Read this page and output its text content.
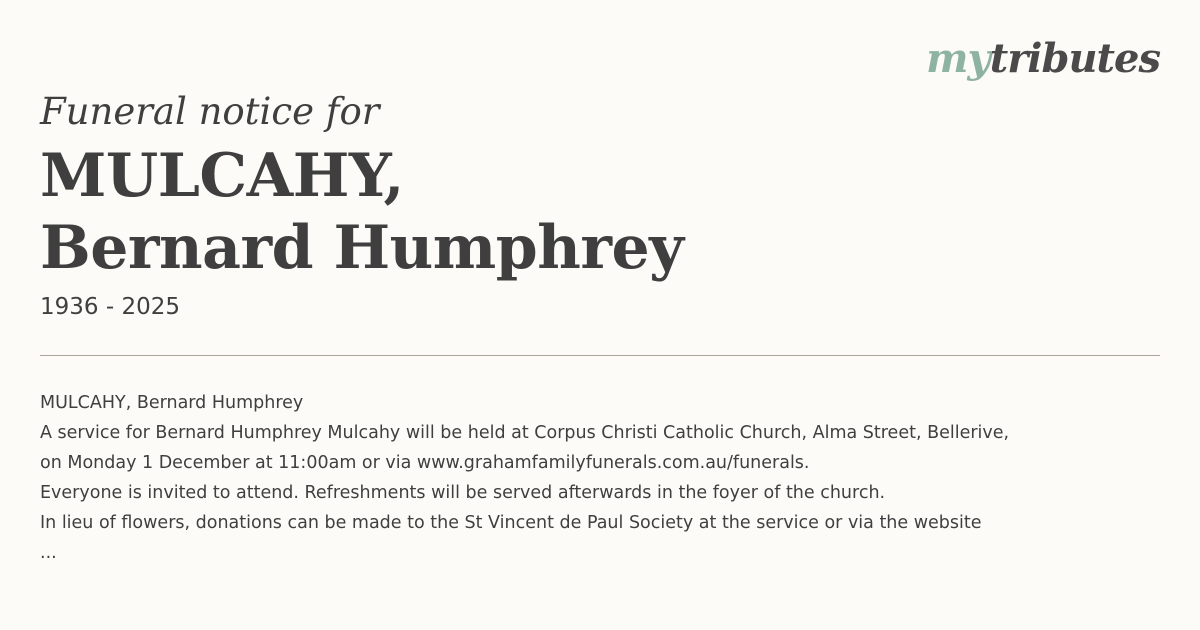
mytributes
Funeral notice for
MULCAHY,
Bernard Humphrey
1936 - 2025
MULCAHY, Bernard Humphrey
A service for Bernard Humphrey Mulcahy will be held at Corpus Christi Catholic Church, Alma Street, Bellerive,
on Monday 1 December at 11:00am or via www.grahamfamilyfunerals.com.au/funerals.
Everyone is invited to attend. Refreshments will be served afterwards in the foyer of the church.
In lieu of flowers, donations can be made to the St Vincent de Paul Society at the service or via the website
...
